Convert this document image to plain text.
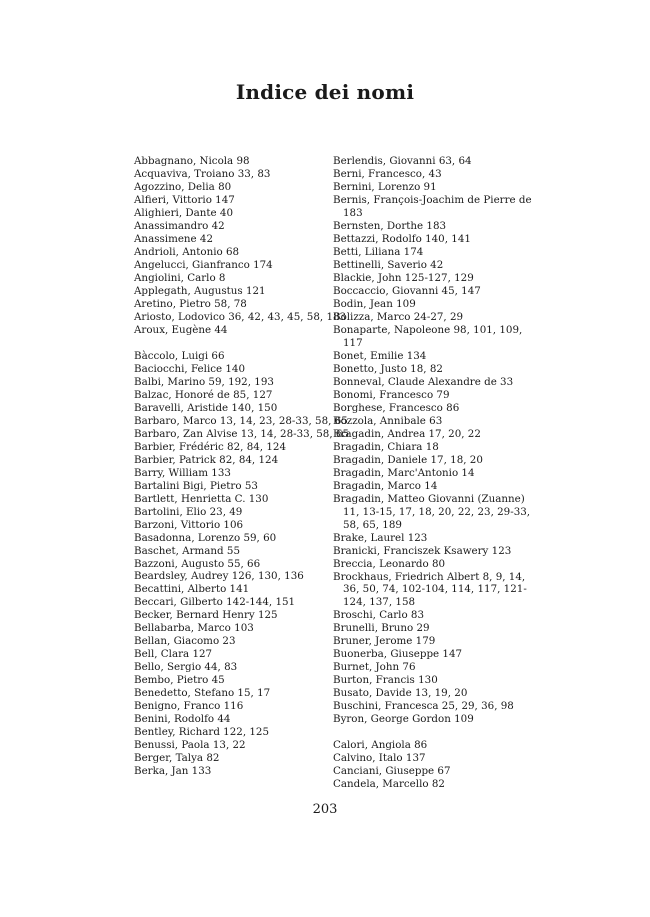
Indice dei nomi
Abbagnano, Nicola 98
Acquaviva, Troiano 33, 83
Agozzino, Delia 80
Alfieri, Vittorio 147
Alighieri, Dante 40
Anassimandro 42
Anassimene 42
Andrioli, Antonio 68
Angelucci, Gianfranco 174
Angiolini, Carlo 8
Applegath, Augustus 121
Aretino, Pietro 58, 78
Ariosto, Lodovico 36, 42, 43, 45, 58, 183
Aroux, Eugène 44
Bàccolo, Luigi 66
Baciocchi, Felice 140
Balbi, Marino 59, 192, 193
Balzac, Honoré de 85, 127
Baravelli, Aristide 140, 150
Barbaro, Marco 13, 14, 23, 28-33, 58, 65
Barbaro, Zan Alvise 13, 14, 28-33, 58, 65
Barbier, Frédéric 82, 84, 124
Barbier, Patrick 82, 84, 124
Barry, William 133
Bartalini Bigi, Pietro 53
Bartlett, Henrietta C. 130
Bartolini, Elio 23, 49
Barzoni, Vittorio 106
Basadonna, Lorenzo 59, 60
Baschet, Armand 55
Bazzoni, Augusto 55, 66
Beardsley, Audrey 126, 130, 136
Becattini, Alberto 141
Beccari, Gilberto 142-144, 151
Becker, Bernard Henry 125
Bellabarba, Marco 103
Bellan, Giacomo 23
Bell, Clara 127
Bello, Sergio 44, 83
Bembo, Pietro 45
Benedetto, Stefano 15, 17
Benigno, Franco 116
Benini, Rodolfo 44
Bentley, Richard 122, 125
Benussi, Paola 13, 22
Berger, Talya 82
Berka, Jan 133
Berlendis, Giovanni 63, 64
Berni, Francesco, 43
Bernini, Lorenzo 91
Bernis, François-Joachim de Pierre de 183
Bernsten, Dorthe 183
Bettazzi, Rodolfo 140, 141
Betti, Liliana 174
Bettinelli, Saverio 42
Blackie, John 125-127, 129
Boccaccio, Giovanni 45, 147
Bodin, Jean 109
Bolizza, Marco 24-27, 29
Bonaparte, Napoleone 98, 101, 109, 117
Bonet, Emilie 134
Bonetto, Justo 18, 82
Bonneval, Claude Alexandre de 33
Bonomi, Francesco 79
Borghese, Francesco 86
Bozzola, Annibale 63
Bragadin, Andrea 17, 20, 22
Bragadin, Chiara 18
Bragadin, Daniele 17, 18, 20
Bragadin, Marc'Antonio 14
Bragadin, Marco 14
Bragadin, Matteo Giovanni (Zuanne) 11, 13-15, 17, 18, 20, 22, 23, 29-33, 58, 65, 189
Brake, Laurel 123
Branicki, Franciszek Ksawery 123
Breccia, Leonardo 80
Brockhaus, Friedrich Albert 8, 9, 14, 36, 50, 74, 102-104, 114, 117, 121-124, 137, 158
Broschi, Carlo 83
Brunelli, Bruno 29
Bruner, Jerome 179
Buonerba, Giuseppe 147
Burnet, John 76
Burton, Francis 130
Busato, Davide 13, 19, 20
Buschini, Francesca 25, 29, 36, 98
Byron, George Gordon 109
Calori, Angiola 86
Calvino, Italo 137
Canciani, Giuseppe 67
Candela, Marcello 82
203
